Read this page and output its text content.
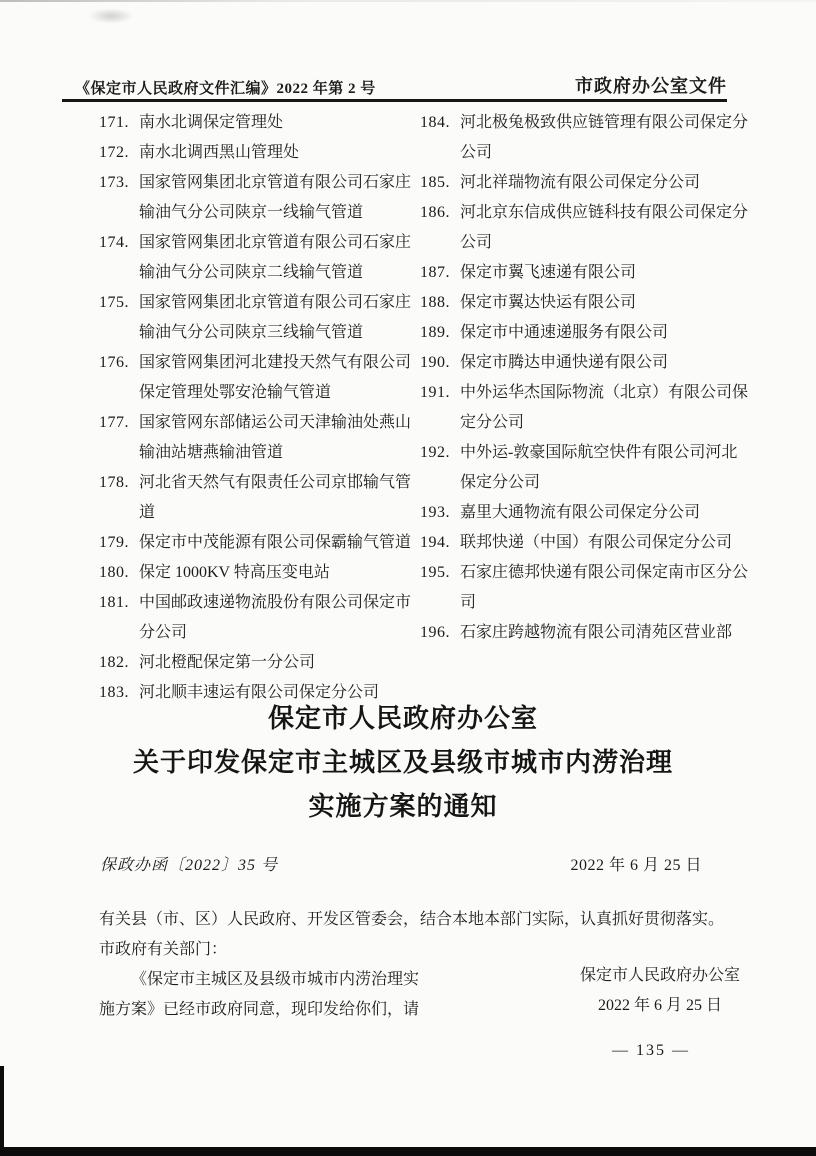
《保定市人民政府文件汇编》2022 年第 2 号	市政府办公室文件
171. 南水北调保定管理处
172. 南水北调西黑山管理处
173. 国家管网集团北京管道有限公司石家庄输油气分公司陕京一线输气管道
174. 国家管网集团北京管道有限公司石家庄输油气分公司陕京二线输气管道
175. 国家管网集团北京管道有限公司石家庄输油气分公司陕京三线输气管道
176. 国家管网集团河北建投天然气有限公司保定管理处鄂安沧输气管道
177. 国家管网东部储运公司天津输油处燕山输油站塘燕输油管道
178. 河北省天然气有限责任公司京邯输气管道
179. 保定市中茂能源有限公司保霸输气管道
180. 保定 1000KV 特高压变电站
181. 中国邮政速递物流股份有限公司保定市分公司
182. 河北橙配保定第一分公司
183. 河北顺丰速运有限公司保定分公司
184. 河北极兔极致供应链管理有限公司保定分公司
185. 河北祥瑞物流有限公司保定分公司
186. 河北京东信成供应链科技有限公司保定分公司
187. 保定市翼飞速递有限公司
188. 保定市翼达快运有限公司
189. 保定市中通速递服务有限公司
190. 保定市腾达申通快递有限公司
191. 中外运华杰国际物流（北京）有限公司保定分公司
192. 中外运-敦豪国际航空快件有限公司河北保定分公司
193. 嘉里大通物流有限公司保定分公司
194. 联邦快递（中国）有限公司保定分公司
195. 石家庄德邦快递有限公司保定南市区分公司
196. 石家庄跨越物流有限公司清苑区营业部
保定市人民政府办公室
关于印发保定市主城区及县级市城市内涝治理
实施方案的通知
保政办函〔2022〕35 号	2022 年 6 月 25 日

有关县（市、区）人民政府、开发区管委会，市政府有关部门：

《保定市主城区及县级市城市内涝治理实施方案》已经市政府同意，现印发给你们，请

结合本地本部门实际，认真抓好贯彻落实。

保定市人民政府办公室
2022 年 6 月 25 日
— 135 —
